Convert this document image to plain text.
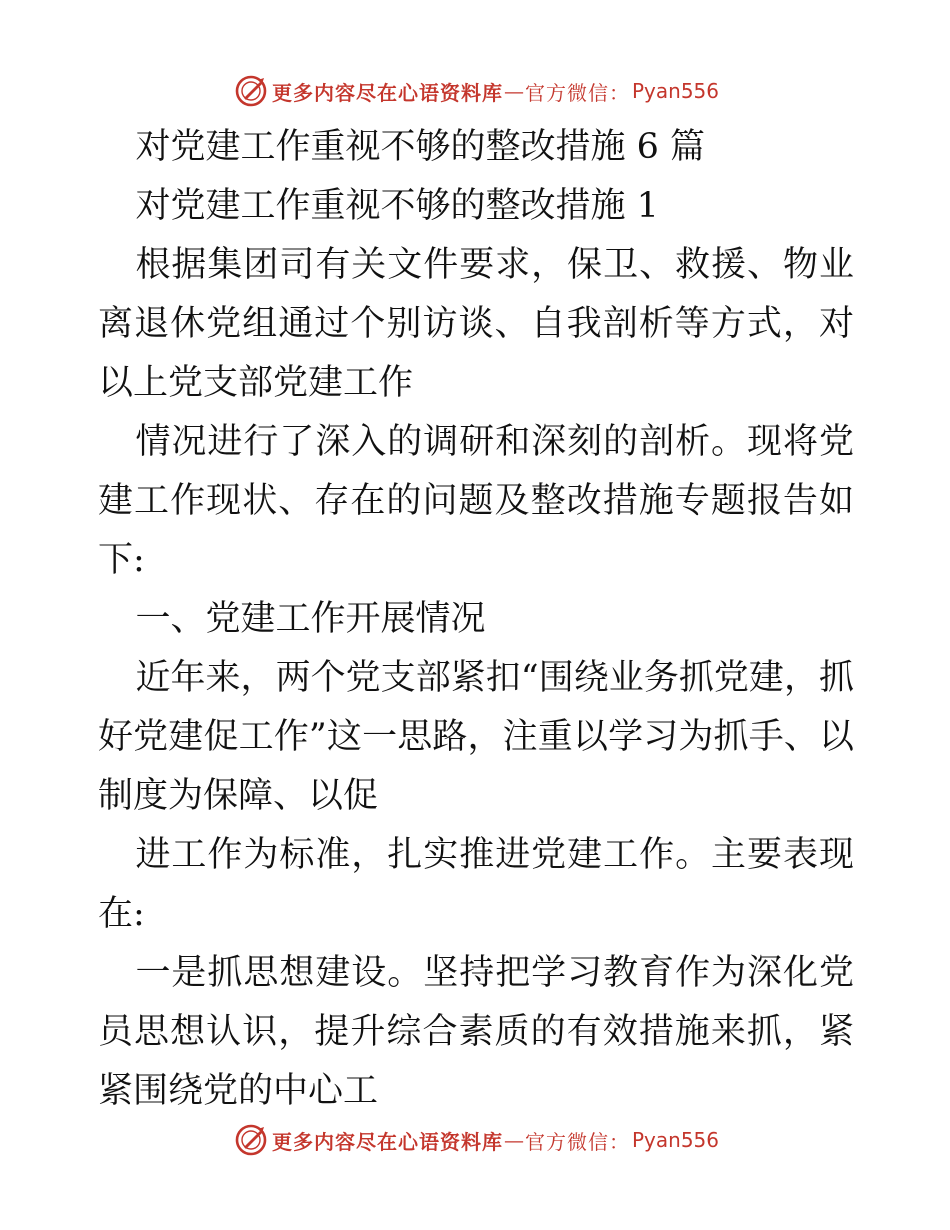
更多内容尽在心语资料库 — 官方微信： Pyan556

对党建工作重视不够的整改措施 6 篇

对党建工作重视不够的整改措施 1

根据集团司有关文件要求，保卫、救援、物业离退休党组通过个别访谈、自我剖析等方式，对以上党支部党建工作

情况进行了深入的调研和深刻的剖析。现将党建工作现状、存在的问题及整改措施专题报告如下:

一、党建工作开展情况

近年来，两个党支部紧扣“围绕业务抓党建，抓好党建促工作”这一思路，注重以学习为抓手、以制度为保障、以促

进工作为标准，扎实推进党建工作。主要表现在:

一是抓思想建设。坚持把学习教育作为深化党员思想认识，提升综合素质的有效措施来抓，紧紧围绕党的中心工

更多内容尽在心语资料库 — 官方微信： Pyan556
